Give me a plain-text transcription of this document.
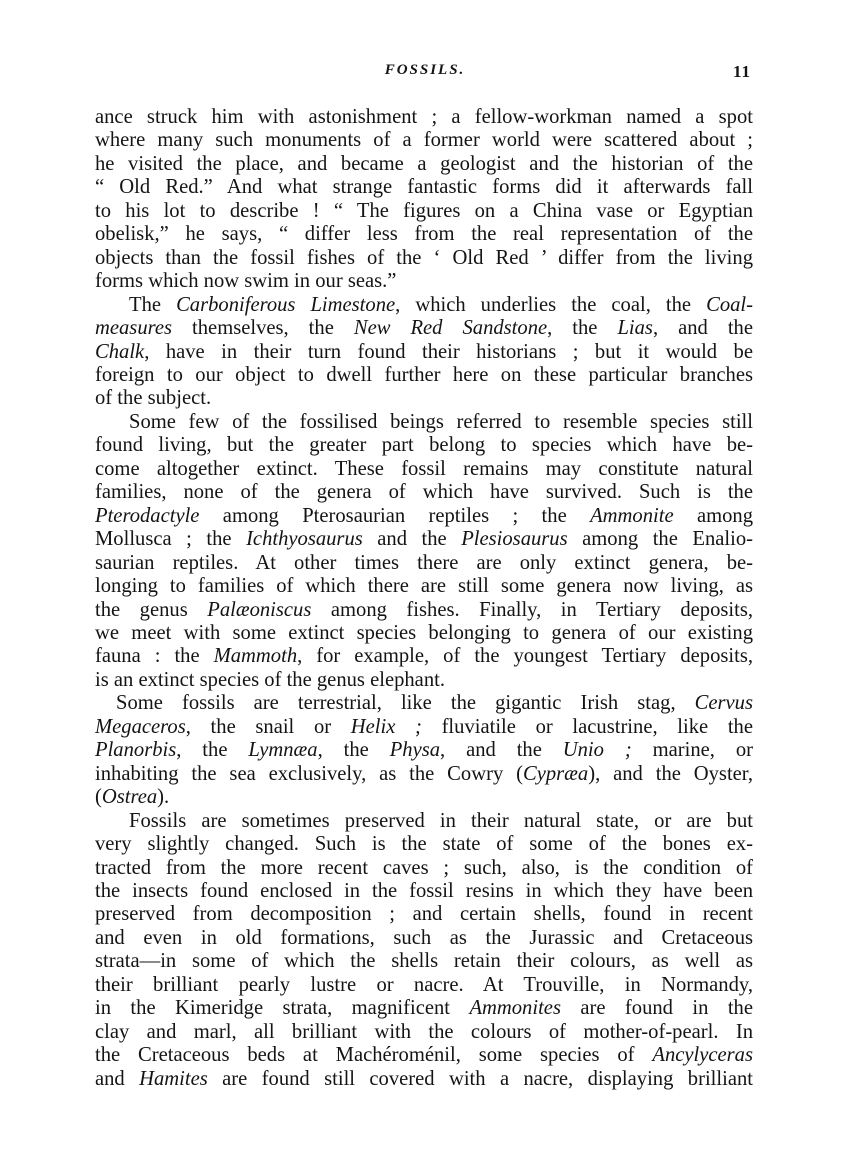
FOSSILS.	11
ance struck him with astonishment ; a fellow-workman named a spot
where many such monuments of a former world were scattered about ;
he visited the place, and became a geologist and the historian of the
“ Old Red.” And what strange fantastic forms did it afterwards fall
to his lot to describe ! “ The figures on a China vase or Egyptian
obelisk,” he says, “ differ less from the real representation of the
objects than the fossil fishes of the ‘ Old Red ’ differ from the living
forms which now swim in our seas.”
The Carboniferous Limestone, which underlies the coal, the Coal-
measures themselves, the New Red Sandstone, the Lias, and the
Chalk, have in their turn found their historians ; but it would be
foreign to our object to dwell further here on these particular branches
of the subject.
Some few of the fossilised beings referred to resemble species still
found living, but the greater part belong to species which have be-
come altogether extinct. These fossil remains may constitute natural
families, none of the genera of which have survived. Such is the
Pterodactyle among Pterosaurian reptiles ; the Ammonite among
Mollusca ; the Ichthyosaurus and the Plesiosaurus among the Enalio-
saurian reptiles. At other times there are only extinct genera, be-
longing to families of which there are still some genera now living, as
the genus Palæoniscus among fishes. Finally, in Tertiary deposits,
we meet with some extinct species belonging to genera of our existing
fauna : the Mammoth, for example, of the youngest Tertiary deposits,
is an extinct species of the genus elephant.
Some fossils are terrestrial, like the gigantic Irish stag, Cervus
Megaceros, the snail or Helix ; fluviatile or lacustrine, like the
Planorbis, the Lymnæa, the Physa, and the Unio ; marine, or
inhabiting the sea exclusively, as the Cowry (Cypræa), and the Oyster,
(Ostrea).
Fossils are sometimes preserved in their natural state, or are but
very slightly changed. Such is the state of some of the bones ex-
tracted from the more recent caves ; such, also, is the condition of
the insects found enclosed in the fossil resins in which they have been
preserved from decomposition ; and certain shells, found in recent
and even in old formations, such as the Jurassic and Cretaceous
strata—in some of which the shells retain their colours, as well as
their brilliant pearly lustre or nacre. At Trouville, in Normandy,
in the Kimeridge strata, magnificent Ammonites are found in the
clay and marl, all brilliant with the colours of mother-of-pearl. In
the Cretaceous beds at Machéroménil, some species of Ancylyceras
and Hamites are found still covered with a nacre, displaying brilliant
